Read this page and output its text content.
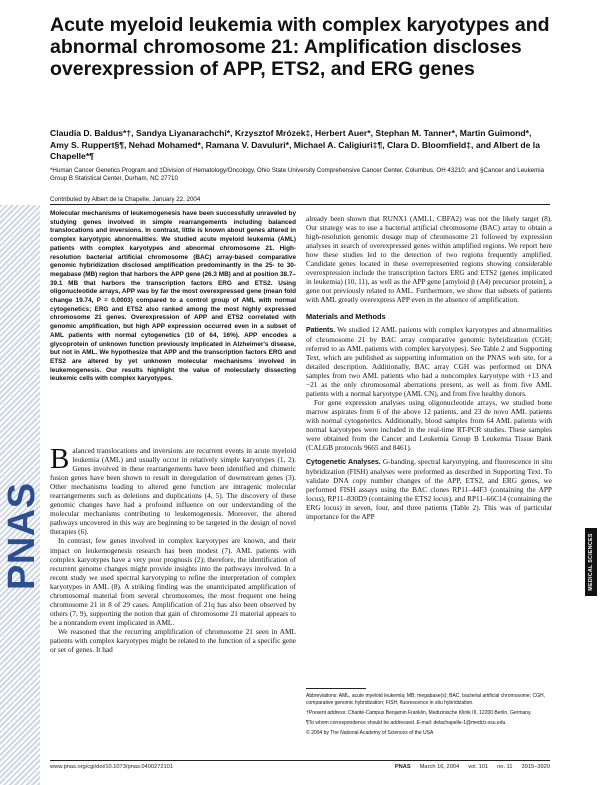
Acute myeloid leukemia with complex karyotypes and abnormal chromosome 21: Amplification discloses overexpression of APP, ETS2, and ERG genes

Claudia D. Baldus*†, Sandya Liyanarachchi*, Krzysztof Mrózek‡, Herbert Auer*, Stephan M. Tanner*, Martin Guimond*, Amy S. Ruppert§¶, Nehad Mohamed*, Ramana V. Davuluri*, Michael A. Caligiuri‡¶, Clara D. Bloomfield‡, and Albert de la Chapelle*¶

*Human Cancer Genetics Program and ‡Division of Hematology/Oncology, Ohio State University Comprehensive Cancer Center, Columbus, OH 43210; and §Cancer and Leukemia Group B Statistical Center, Durham, NC 27710

Contributed by Albert de la Chapelle, January 22, 2004

Molecular mechanisms of leukemogenesis have been successfully unraveled by studying genes involved in simple rearrangements including balanced translocations and inversions. In contrast, little is known about genes altered in complex karyotypic abnormalities. We studied acute myeloid leukemia (AML) patients with complex karyotypes and abnormal chromosome 21. High-resolution bacterial artificial chromosome (BAC) array-based comparative genomic hybridization disclosed amplification predominantly in the 25- to 30-megabase (MB) region that harbors the APP gene (26.3 MB) and at position 38.7–39.1 MB that harbors the transcription factors ERG and ETS2. Using oligonucleotide arrays, APP was by far the most overexpressed gene (mean fold change 19.74, P = 0.0003) compared to a control group of AML with normal cytogenetics; ERG and ETS2 also ranked among the most highly expressed chromosome 21 genes. Overexpression of APP and ETS2 correlated with genomic amplification, but high APP expression occurred even in a subset of AML patients with normal cytogenetics (10 of 64, 16%). APP encodes a glycoprotein of unknown function previously implicated in Alzheimer's disease, but not in AML. We hypothesize that APP and the transcription factors ERG and ETS2 are altered by yet unknown molecular mechanisms involved in leukemogenesis. Our results highlight the value of molecularly dissecting leukemic cells with complex karyotypes.

PNAS

Balanced translocations and inversions are recurrent events in acute myeloid leukemia (AML) and usually occur in relatively simple karyotypes (1, 2). Genes involved in these rearrangements have been identified and chimeric fusion genes have been shown to result in deregulation of downstream genes (3). Other mechanisms leading to altered gene function are intragenic molecular rearrangements such as deletions and duplications (4, 5). The discovery of these genomic changes have had a profound influence on our understanding of the molecular mechanisms contributing to leukemogenesis. Moreover, the altered pathways uncovered in this way are beginning to be targeted in the design of novel therapies (6).

In contrast, few genes involved in complex karyotypes are known, and their impact on leukemogenesis research has been modest (7). AML patients with complex karyotypes have a very poor prognosis (2); therefore, the identification of recurrent genome changes might provide insights into the pathways involved. In a recent study we used spectral karyotyping to refine the interpretation of complex karyotypes in AML (8). A striking finding was the unanticipated amplification of chromosomal material from several chromosomes, the most frequent one being chromosome 21 in 8 of 29 cases. Amplification of 21q has also been observed by others (7, 9), supporting the notion that gain of chromosome 21 material appears to be a nonrandom event implicated in AML.

We reasoned that the recurring amplification of chromosome 21 seen in AML patients with complex karyotypes might be related to the function of a specific gene or set of genes. It had

already been shown that RUNX1 (AML1, CBFA2) was not the likely target (8). Our strategy was to use a bacterial artificial chromosome (BAC) array to obtain a high-resolution genomic dosage map of chromosome 21 followed by expression analyses in search of overexpressed genes within amplified regions. We report here how these studies led to the detection of two regions frequently amplified. Candidate genes located in these overrepresented regions showing considerable overexpression include the transcription factors ERG and ETS2 (genes implicated in leukemia) (10, 11), as well as the APP gene [amyloid β (A4) precursor protein], a gene not previously related to AML. Furthermore, we show that subsets of patients with AML greatly overexpress APP even in the absence of amplification.

Materials and Methods

Patients. We studied 12 AML patients with complex karyotypes and abnormalities of chromosome 21 by BAC array comparative genomic hybridization (CGH; referred to as AML patients with complex karyotypes). See Table 2 and Supporting Text, which are published as supporting information on the PNAS web site, for a detailed description. Additionally, BAC array CGH was performed on DNA samples from two AML patients who had a noncomplex karyotype with +13 and −21 as the only chromosomal aberrations present, as well as from five AML patients with a normal karyotype (AML CN), and from five healthy donors.

For gene expression analyses using oligonucleotide arrays, we studied bone marrow aspirates from 6 of the above 12 patients, and 23 de novo AML patients with normal cytogenetics. Additionally, blood samples from 64 AML patients with normal karyotypes were included in the real-time RT-PCR studies. These samples were obtained from the Cancer and Leukemia Group B Leukemia Tissue Bank (CALGB protocols 9665 and 8461).

Cytogenetic Analyses. G-banding, spectral karyotyping, and fluorescence in situ hybridization (FISH) analyses were preformed as described in Supporting Text. To validate DNA copy number changes of the APP, ETS2, and ERG genes, we performed FISH assays using the BAC clones RP11–44F3 (containing the APP locus), RP11–830D9 (containing the ETS2 locus), and RP11–66C14 (containing the ERG locus) in seven, four, and three patients (Table 2). This was of particular importance for the APP

MEDICAL SCIENCES

Abbreviations: AML, acute myeloid leukemia; MB, megabase(s); BAC, bacterial artificial chromosome; CGH, comparative genomic hybridization; FISH, fluorescence in situ hybridization.

†Present address: Charité-Campus Benjamin Franklin, Medizinische Klinik III, 12200 Berlin, Germany.

¶To whom correspondence should be addressed. E-mail: delachapelle-1@medctr.osu.edu.

© 2004 by The National Academy of Sciences of the USA

www.pnas.org/cgi/doi/10.1073/pnas.0400272101	PNAS March 16, 2004 vol. 101 no. 11 3915–3920
